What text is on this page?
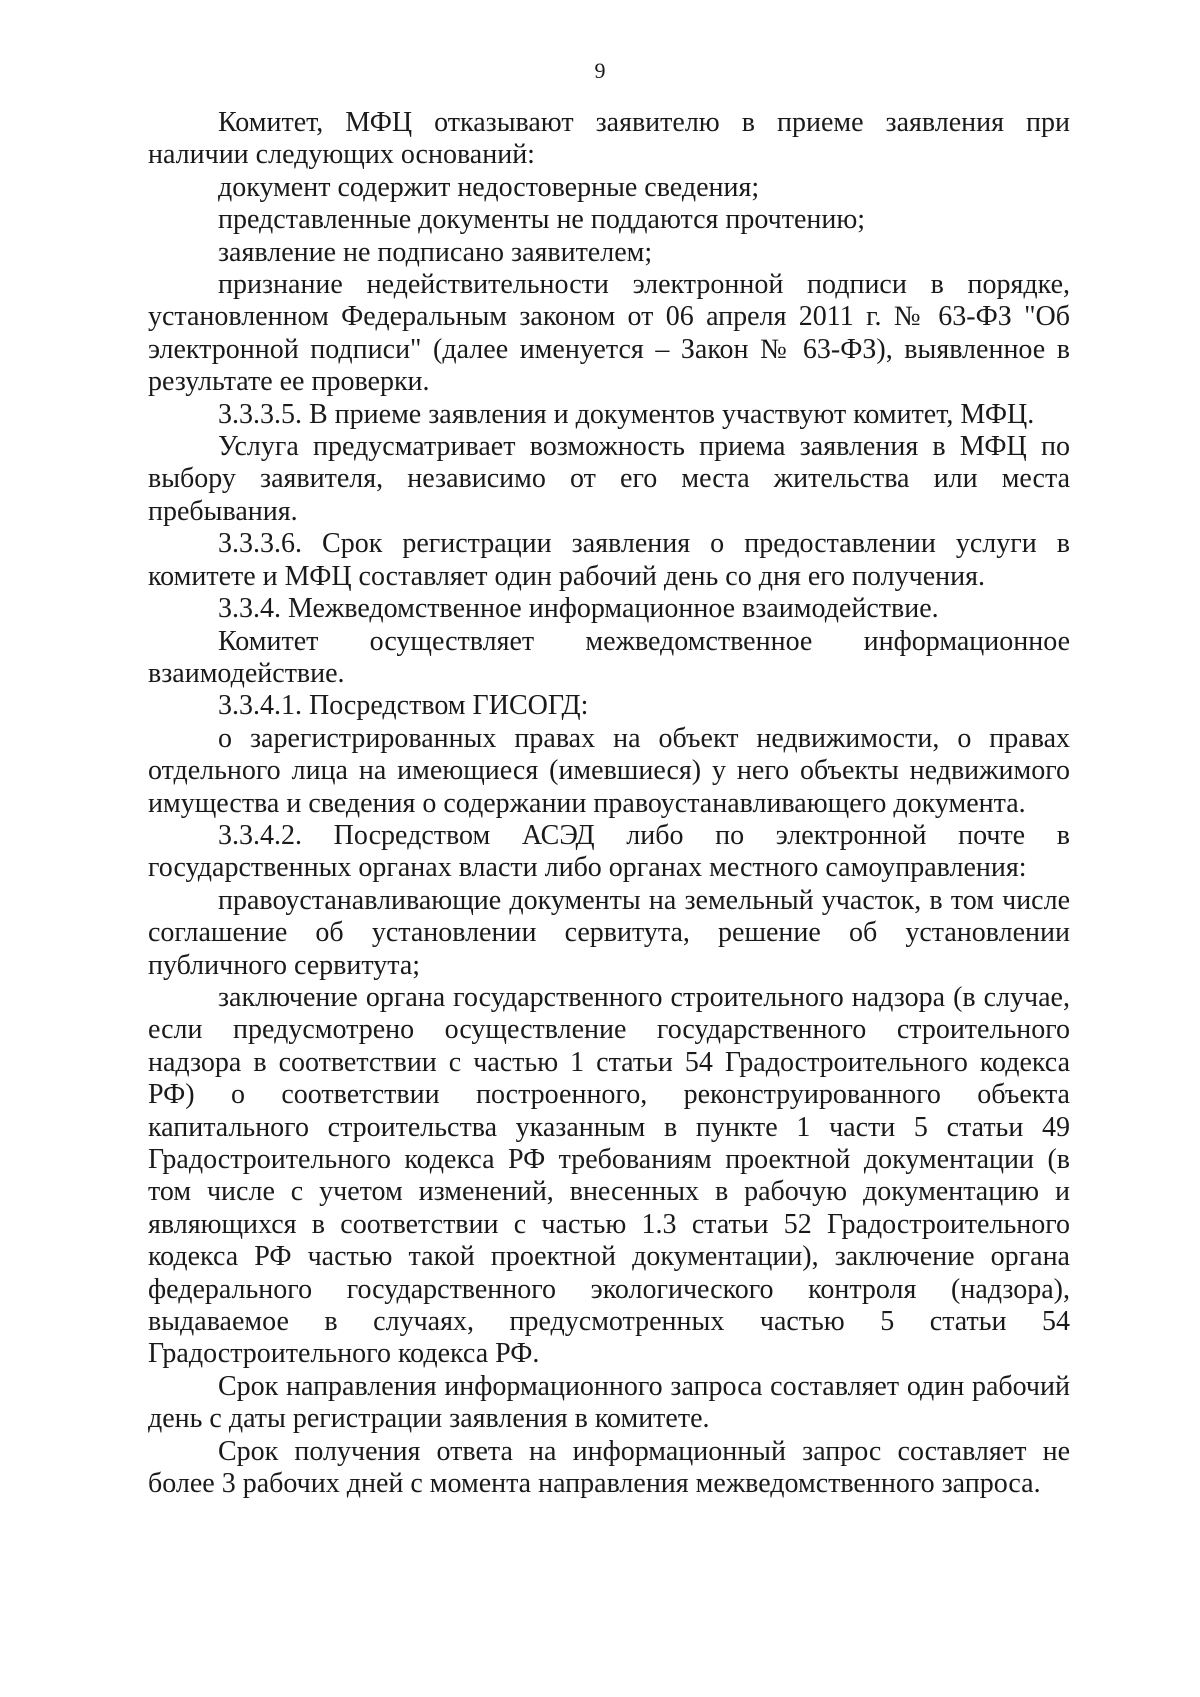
9

Комитет, МФЦ отказывают заявителю в приеме заявления при наличии следующих оснований:

документ содержит недостоверные сведения;

представленные документы не поддаются прочтению;

заявление не подписано заявителем;

признание недействительности электронной подписи в порядке, установленном Федеральным законом от 06 апреля 2011 г. № 63-ФЗ "Об электронной подписи" (далее именуется – Закон № 63-ФЗ), выявленное в результате ее проверки.

3.3.3.5. В приеме заявления и документов участвуют комитет, МФЦ.

Услуга предусматривает возможность приема заявления в МФЦ по выбору заявителя, независимо от его места жительства или места пребывания.

3.3.3.6. Срок регистрации заявления о предоставлении услуги в комитете и МФЦ составляет один рабочий день со дня его получения.

3.3.4. Межведомственное информационное взаимодействие.

Комитет осуществляет межведомственное информационное взаимодействие.

3.3.4.1. Посредством ГИСОГД:

о зарегистрированных правах на объект недвижимости, о правах отдельного лица на имеющиеся (имевшиеся) у него объекты недвижимого имущества и сведения о содержании правоустанавливающего документа.

3.3.4.2. Посредством АСЭД либо по электронной почте в государственных органах власти либо органах местного самоуправления:

правоустанавливающие документы на земельный участок, в том числе соглашение об установлении сервитута, решение об установлении публичного сервитута;

заключение органа государственного строительного надзора (в случае, если предусмотрено осуществление государственного строительного надзора в соответствии с частью 1 статьи 54 Градостроительного кодекса РФ) о соответствии построенного, реконструированного объекта капитального строительства указанным в пункте 1 части 5 статьи 49 Градостроительного кодекса РФ требованиям проектной документации (в том числе с учетом изменений, внесенных в рабочую документацию и являющихся в соответствии с частью 1.3 статьи 52 Градостроительного кодекса РФ частью такой проектной документации), заключение органа федерального государственного экологического контроля (надзора), выдаваемое в случаях, предусмотренных частью 5 статьи 54 Градостроительного кодекса РФ.

Срок направления информационного запроса составляет один рабочий день с даты регистрации заявления в комитете.

Срок получения ответа на информационный запрос составляет не более 3 рабочих дней с момента направления межведомственного запроса.
